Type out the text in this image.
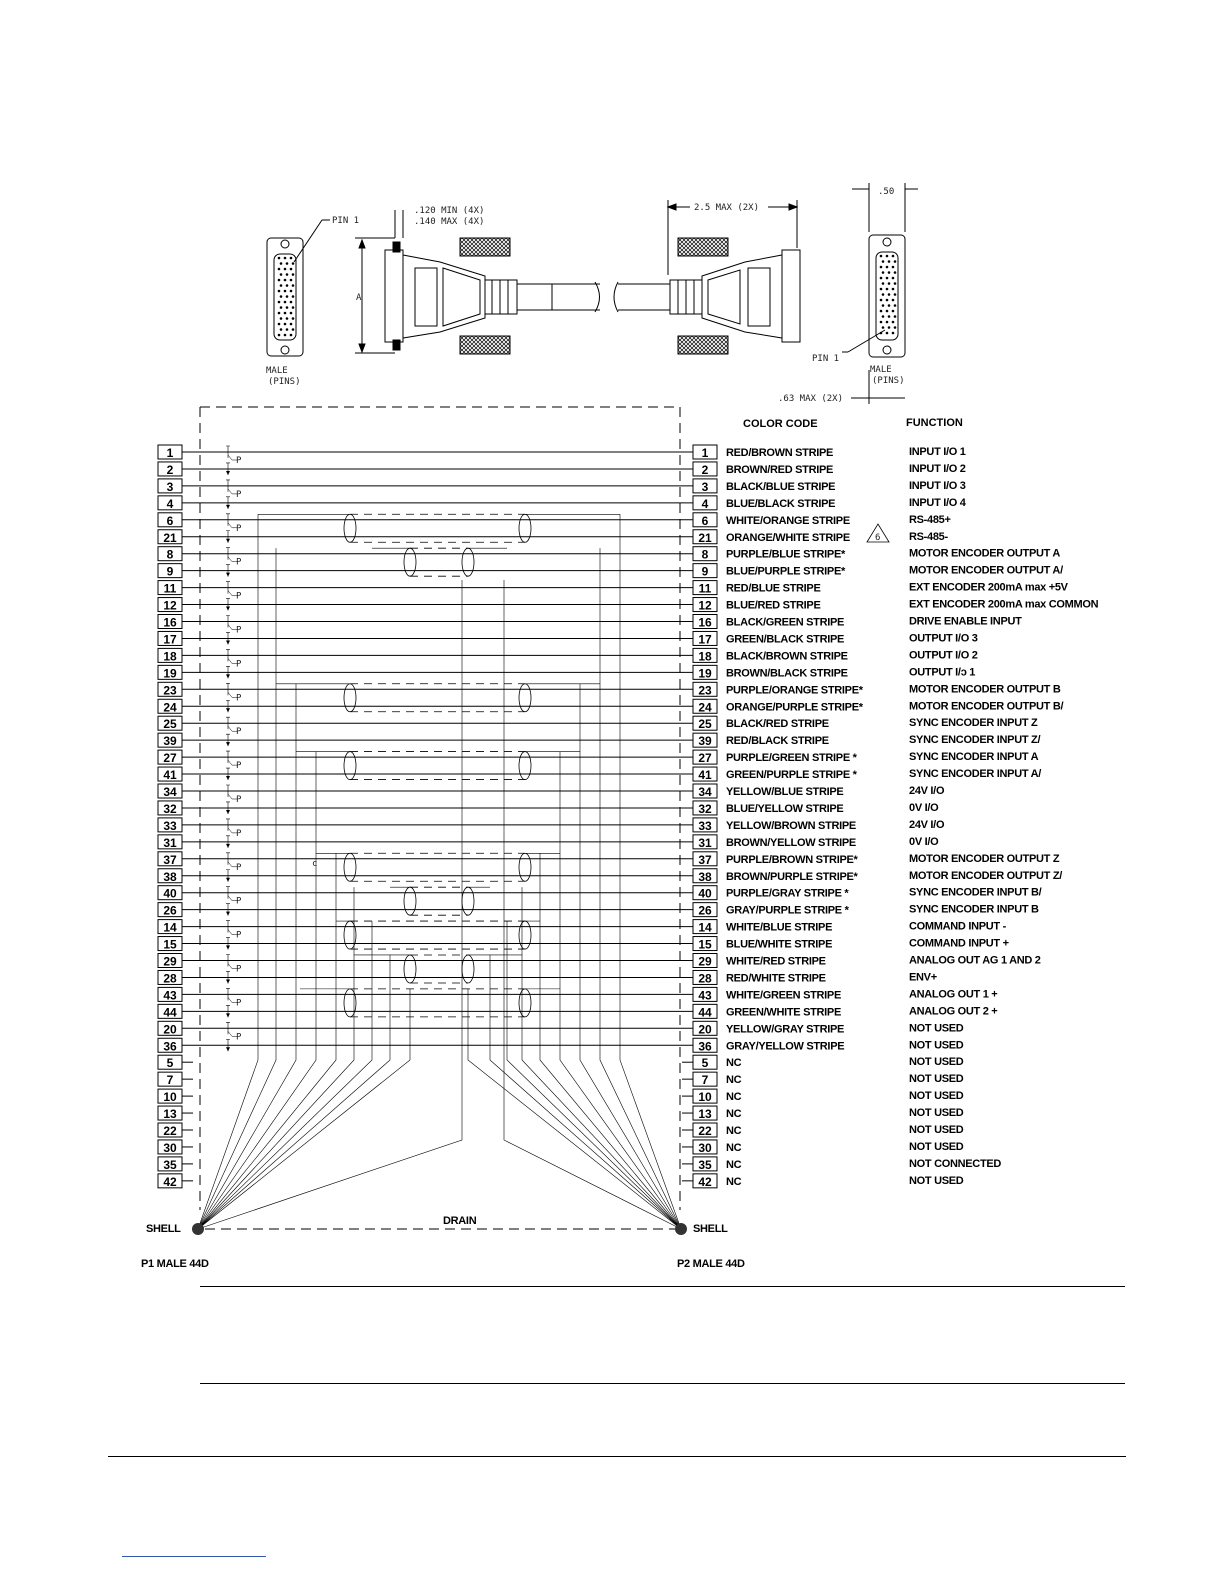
PIN 1
MALE
(PINS)
A
.120 MIN (4X)
.140 MAX (4X)
2.5 MAX (2X)
PIN 1
MALE
(PINS)
.50
.63 MAX (2X)
COLOR CODE	FUNCTION
1	1 RED/BROWN STRIPE	INPUT I/O 1
P
2	2 BROWN/RED STRIPE	INPUT I/O 2
3	3 BLACK/BLUE STRIPE	INPUT I/O 3
P
4	4 BLUE/BLACK STRIPE	INPUT I/O 4
6	6 WHITE/ORANGE STRIPE	RS-485+
P
21	21 ORANGE/WHITE STRIPE	RS-485-
8	8 PURPLE/BLUE STRIPE*	MOTOR ENCODER OUTPUT A
P
9	9 BLUE/PURPLE STRIPE*	MOTOR ENCODER OUTPUT A/
11	11 RED/BLUE STRIPE	EXT ENCODER 200mA max +5V
P
12	12 BLUE/RED STRIPE	EXT ENCODER 200mA max COMMON
16	16 BLACK/GREEN STRIPE	DRIVE ENABLE INPUT
P
17	17 GREEN/BLACK STRIPE	OUTPUT I/O 3
18	18 BLACK/BROWN STRIPE	OUTPUT I/O 2
P
19	19 BROWN/BLACK STRIPE	OUTPUT I/ɔ 1
23	23 PURPLE/ORANGE STRIPE*	MOTOR ENCODER OUTPUT B
P
24	24 ORANGE/PURPLE STRIPE*	MOTOR ENCODER OUTPUT B/
25	25 BLACK/RED STRIPE	SYNC ENCODER INPUT Z
P
39	39 RED/BLACK STRIPE	SYNC ENCODER INPUT Z/
27	27 PURPLE/GREEN STRIPE *	SYNC ENCODER INPUT A
P
41	41 GREEN/PURPLE STRIPE *	SYNC ENCODER INPUT A/
34	34 YELLOW/BLUE STRIPE	24V I/O
P
32	32 BLUE/YELLOW STRIPE	0V I/O
33	33 YELLOW/BROWN STRIPE	24V I/O
P
31	31 BROWN/YELLOW STRIPE	0V I/O
37	37 PURPLE/BROWN STRIPE*	MOTOR ENCODER OUTPUT Z
P
38	38 BROWN/PURPLE STRIPE*	MOTOR ENCODER OUTPUT Z/
40	40 PURPLE/GRAY STRIPE *	SYNC ENCODER INPUT B/
P
26	26 GRAY/PURPLE STRIPE *	SYNC ENCODER INPUT B
14	14 WHITE/BLUE STRIPE	COMMAND INPUT -
P
15	15 BLUE/WHITE STRIPE	COMMAND INPUT +
29	29 WHITE/RED STRIPE	ANALOG OUT AG 1 AND 2
P
28	28 RED/WHITE STRIPE	ENV+
43	43 WHITE/GREEN STRIPE	ANALOG OUT 1 +
P
44	44 GREEN/WHITE STRIPE	ANALOG OUT 2 +
20	20 YELLOW/GRAY STRIPE	NOT USED
P
36	36 GRAY/YELLOW STRIPE	NOT USED
5	5 NC	NOT USED
7	7 NC	NOT USED
10	10 NC	NOT USED
13	13 NC	NOT USED
22	22 NC	NOT USED
30	30 NC	NOT USED
35	35 NC	NOT CONNECTED
42	42 NC	NOT USED
6
c
SHELL	SHELL
DRAIN
P1 MALE 44D	P2 MALE 44D
